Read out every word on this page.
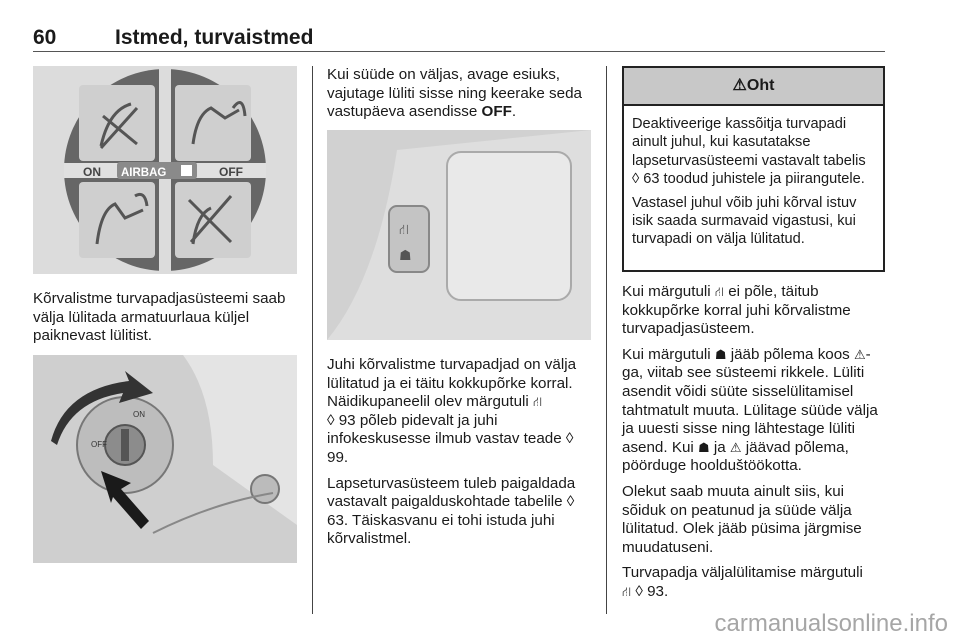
60	Istmed, turvaistmed
ON AIRBAG	OFF

Kõrvalistme turvapadjasüsteemi saab välja lülitada armatuurlaua küljel paiknevast lülitist.

ON
OFF

Kui süüde on väljas, avage esiuks, vajutage lüliti sisse ning keerake seda vastupäeva asendisse OFF.

⛙
☗

Juhi kõrvalistme turvapadjad on välja lülitatud ja ei täitu kokkupõrke korral.

Näidikupaneelil olev märgutuli ⛙
◊ 93 põleb pidevalt ja juhi infokeskusesse ilmub vastav teade ◊ 99.

Lapseturvasüsteem tuleb paigaldada vastavalt paigalduskohtade tabelile ◊ 63. Täiskasvanu ei tohi istuda juhi kõrvalistmel.

⚠Oht

Deaktiveerige kassõitja turvapadi ainult juhul, kui kasutatakse lapseturvasüsteemi vastavalt tabelis ◊ 63 toodud juhistele ja piirangutele.

Vastasel juhul võib juhi kõrval istuv isik saada surmavaid vigastusi, kui turvapadi on välja lülitatud.

Kui märgutuli ⛙ ei põle, täitub kokkupõrke korral juhi kõrvalistme turvapadjasüsteem.

Kui märgutuli ☗ jääb põlema koos ⚠-ga, viitab see süsteemi rikkele. Lüliti asendit võidi süüte sisselülitamisel tahtmatult muuta. Lülitage süüde välja ja uuesti sisse ning lähtestage lüliti asend. Kui ☗ ja ⚠ jäävad põlema, pöörduge hoolduštöökotta.

Olekut saab muuta ainult siis, kui sõiduk on peatunud ja süüde välja lülitatud. Olek jääb püsima järgmise muudatuseni.

Turvapadja väljalülitamise märgutuli
⛙ ◊ 93.

carmanualsonline.info
